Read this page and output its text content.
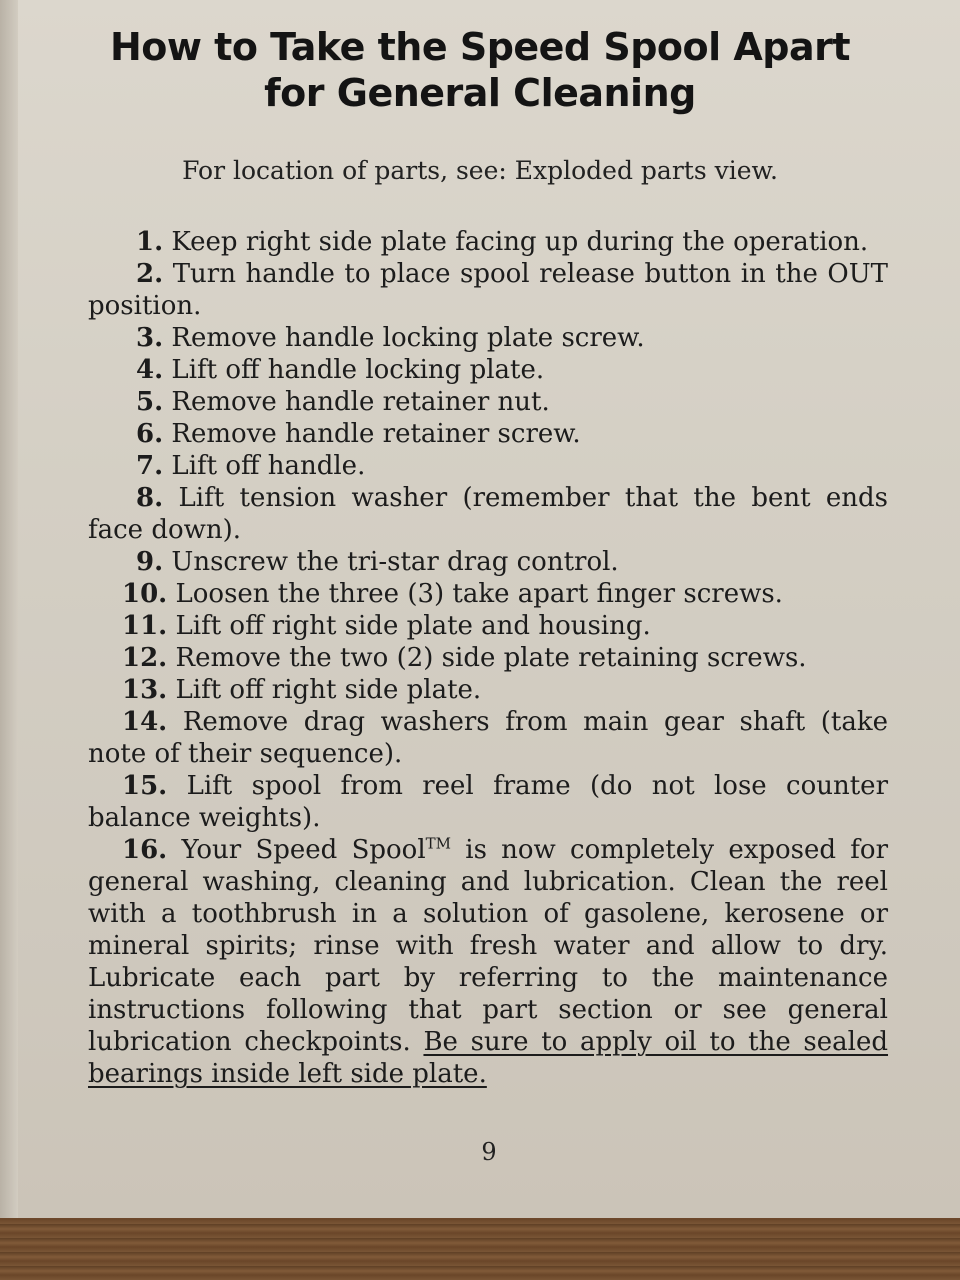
How to Take the Speed Spool Apart
for General Cleaning
For location of parts, see: Exploded parts view.

1. Keep right side plate facing up during the operation.

2. Turn handle to place spool release button in the OUT position.

3. Remove handle locking plate screw.

4. Lift off handle locking plate.

5. Remove handle retainer nut.

6. Remove handle retainer screw.

7. Lift off handle.

8. Lift tension washer (remember that the bent ends face down).

9. Unscrew the tri-star drag control.

10. Loosen the three (3) take apart finger screws.

11. Lift off right side plate and housing.

12. Remove the two (2) side plate retaining screws.

13. Lift off right side plate.

14. Remove drag washers from main gear shaft (take note of their sequence).

15. Lift spool from reel frame (do not lose counter balance weights).

16. Your Speed Spool™ is now completely exposed for general washing, cleaning and lubrication. Clean the reel with a toothbrush in a solution of gasolene, kerosene or mineral spirits; rinse with fresh water and allow to dry. Lubricate each part by referring to the maintenance instructions following that part section or see general lubrication checkpoints. Be sure to apply oil to the sealed bearings inside left side plate.

9
